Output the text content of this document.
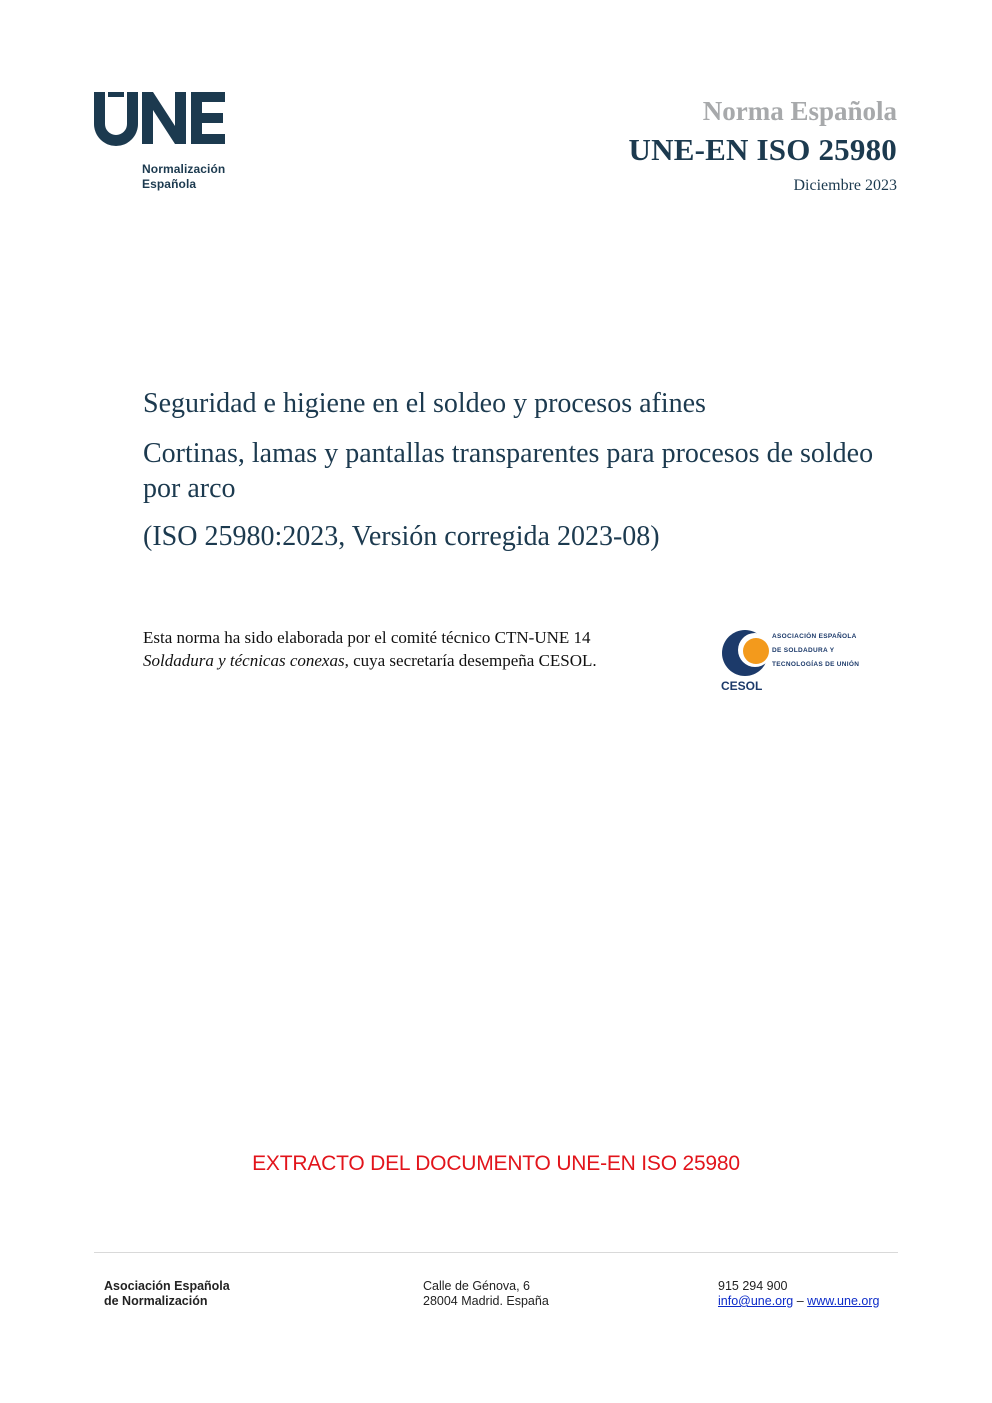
Normalización
Española
Norma Española
UNE-EN ISO 25980
Diciembre 2023
Seguridad e higiene en el soldeo y procesos afines
Cortinas, lamas y pantallas transparentes para procesos de soldeo por arco
(ISO 25980:2023, Versión corregida 2023-08)
Esta norma ha sido elaborada por el comité técnico CTN-UNE 14 Soldadura y técnicas conexas, cuya secretaría desempeña CESOL.
CESOL
ASOCIACIÓN ESPAÑOLA
DE SOLDADURA Y
TECNOLOGÍAS DE UNIÓN
EXTRACTO DEL DOCUMENTO UNE-EN ISO 25980
Asociación Española
de Normalización
Calle de Génova, 6
28004 Madrid. España
915 294 900
info@une.org – www.une.org
